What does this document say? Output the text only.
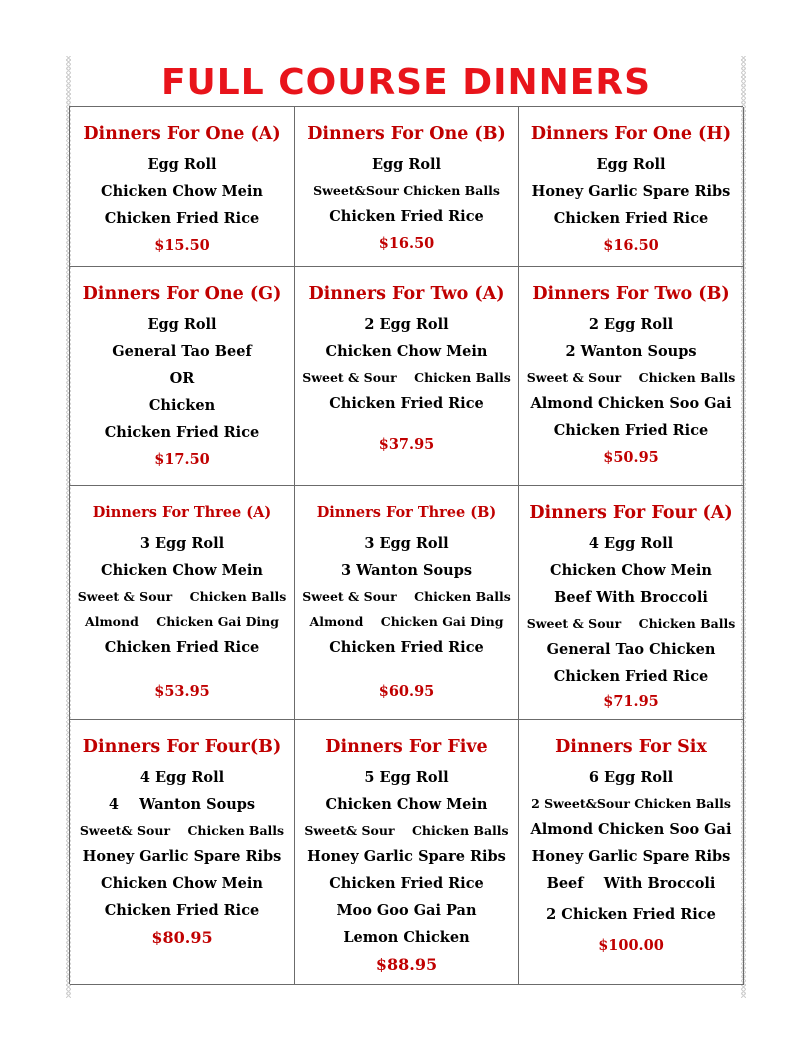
FULL COURSE DINNERS
Dinners For One (A)
Egg Roll
Chicken Chow Mein
Chicken Fried Rice
$15.50
Dinners For One (B)
Egg Roll
Sweet&Sour Chicken Balls
Chicken Fried Rice
$16.50
Dinners For One (H)
Egg Roll
Honey Garlic Spare Ribs
Chicken Fried Rice
$16.50
Dinners For One (G)
Egg Roll
General Tao Beef
OR
Chicken
Chicken Fried Rice
$17.50
Dinners For Two (A)
2 Egg Roll
Chicken Chow Mein
Sweet & Sour    Chicken Balls
Chicken Fried Rice
$37.95
Dinners For Two (B)
2 Egg Roll
2 Wanton Soups
Sweet & Sour    Chicken Balls
Almond Chicken Soo Gai
Chicken Fried Rice
$50.95
Dinners For Three (A)
3 Egg Roll
Chicken Chow Mein
Sweet & Sour    Chicken Balls
Almond    Chicken Gai Ding
Chicken Fried Rice
$53.95
Dinners For Three (B)
3 Egg Roll
3 Wanton Soups
Sweet & Sour    Chicken Balls
Almond    Chicken Gai Ding
Chicken Fried Rice
$60.95
Dinners For Four (A)
4 Egg Roll
Chicken Chow Mein
Beef With Broccoli
Sweet & Sour    Chicken Balls
General Tao Chicken
Chicken Fried Rice
$71.95
Dinners For Four(B)
4 Egg Roll
4    Wanton Soups
Sweet& Sour    Chicken Balls
Honey Garlic Spare Ribs
Chicken Chow Mein
Chicken Fried Rice
$80.95
Dinners For Five
5 Egg Roll
Chicken Chow Mein
Sweet& Sour    Chicken Balls
Honey Garlic Spare Ribs
Chicken Fried Rice
Moo Goo Gai Pan
Lemon Chicken
$88.95
Dinners For Six
6 Egg Roll
2 Sweet&Sour Chicken Balls
Almond Chicken Soo Gai
Honey Garlic Spare Ribs
Beef    With Broccoli
2 Chicken Fried Rice
$100.00
